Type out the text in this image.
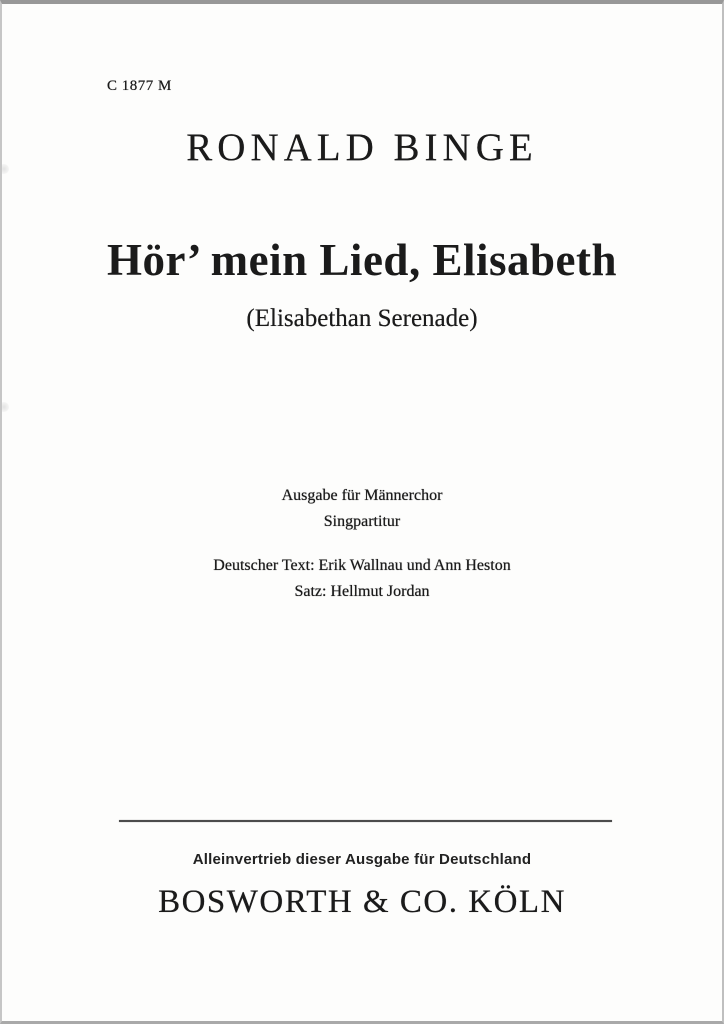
C 1877 M
RONALD BINGE
Hör’ mein Lied, Elisabeth
(Elisabethan Serenade)
Ausgabe für Männerchor
Singpartitur
Deutscher Text: Erik Wallnau und Ann Heston
Satz: Hellmut Jordan
Alleinvertrieb dieser Ausgabe für Deutschland
BOSWORTH & CO. KÖLN
